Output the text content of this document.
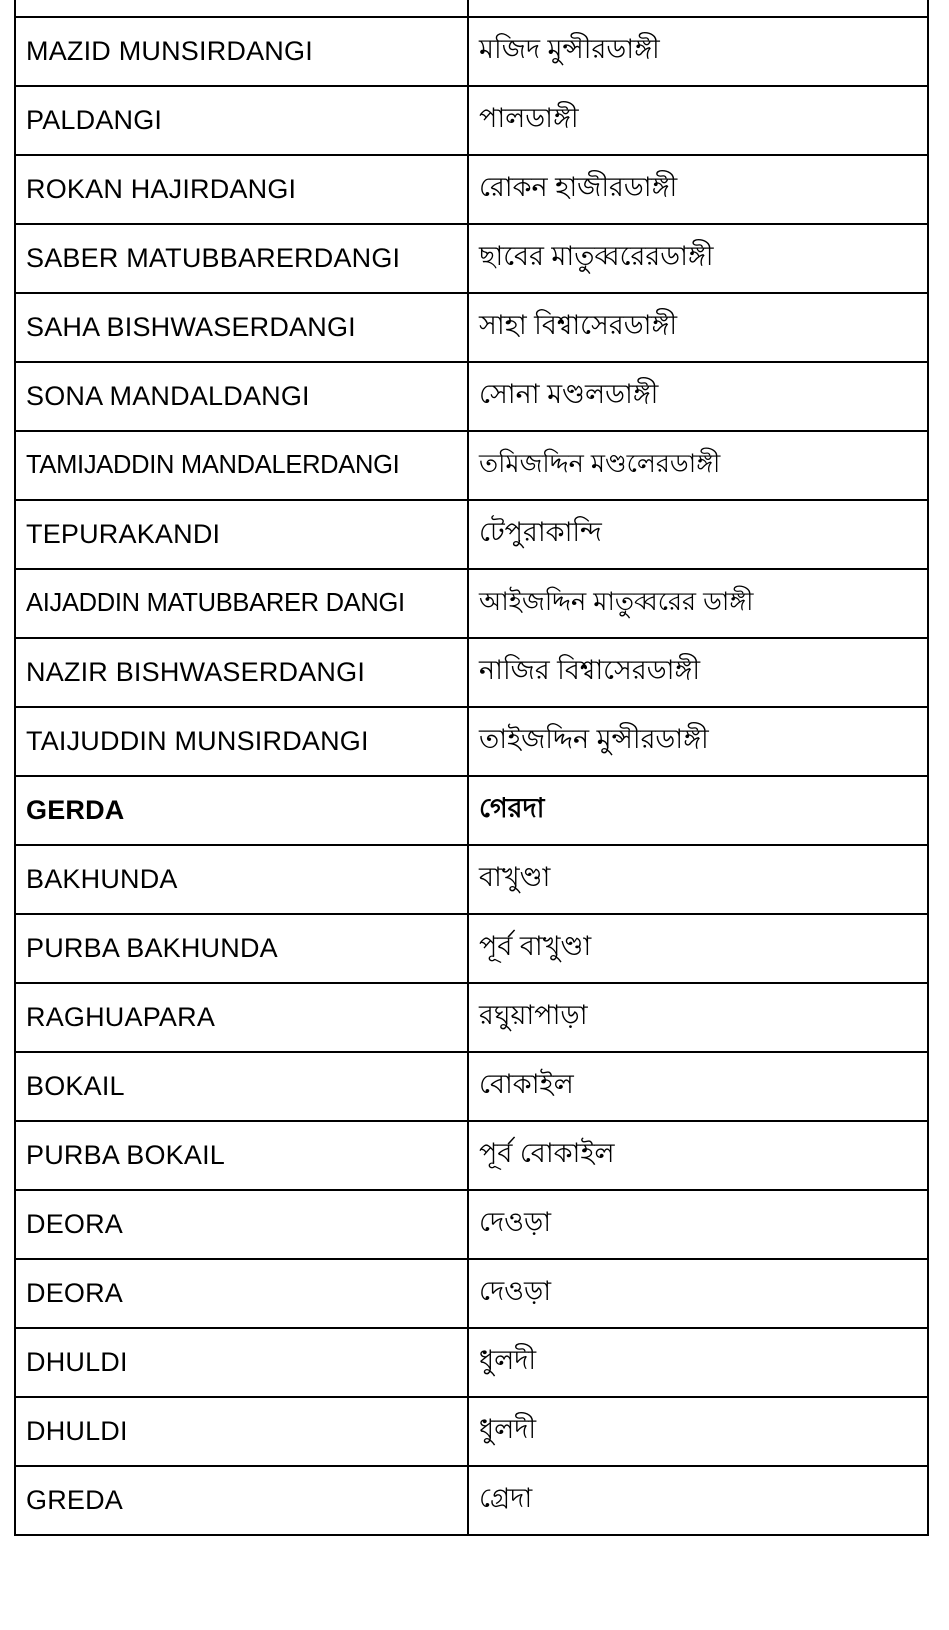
MAZID MUNSIRDANGI	মজিদ মুন্সীরডাঙ্গী
PALDANGI	পালডাঙ্গী
ROKAN HAJIRDANGI	রোকন হাজীরডাঙ্গী
SABER MATUBBARERDANGI	ছাবের মাতুব্বরেরডাঙ্গী
SAHA BISHWASERDANGI	সাহা বিশ্বাসেরডাঙ্গী
SONA MANDALDANGI	সোনা মণ্ডলডাঙ্গী
TAMIJADDIN MANDALERDANGI	তমিজদ্দিন মণ্ডলেরডাঙ্গী
TEPURAKANDI	টেপুরাকান্দি
AIJADDIN MATUBBARER DANGI	আইজদ্দিন মাতুব্বরের ডাঙ্গী
NAZIR BISHWASERDANGI	নাজির বিশ্বাসেরডাঙ্গী
TAIJUDDIN MUNSIRDANGI	তাইজদ্দিন মুন্সীরডাঙ্গী
GERDA	গেরদা
BAKHUNDA	বাখুণ্ডা
PURBA BAKHUNDA	পূর্ব বাখুণ্ডা
RAGHUAPARA	রঘুয়াপাড়া
BOKAIL	বোকাইল
PURBA BOKAIL	পূর্ব বোকাইল
DEORA	দেওড়া
DEORA	দেওড়া
DHULDI	ধুলদী
DHULDI	ধুলদী
GREDA	গ্রেদা
